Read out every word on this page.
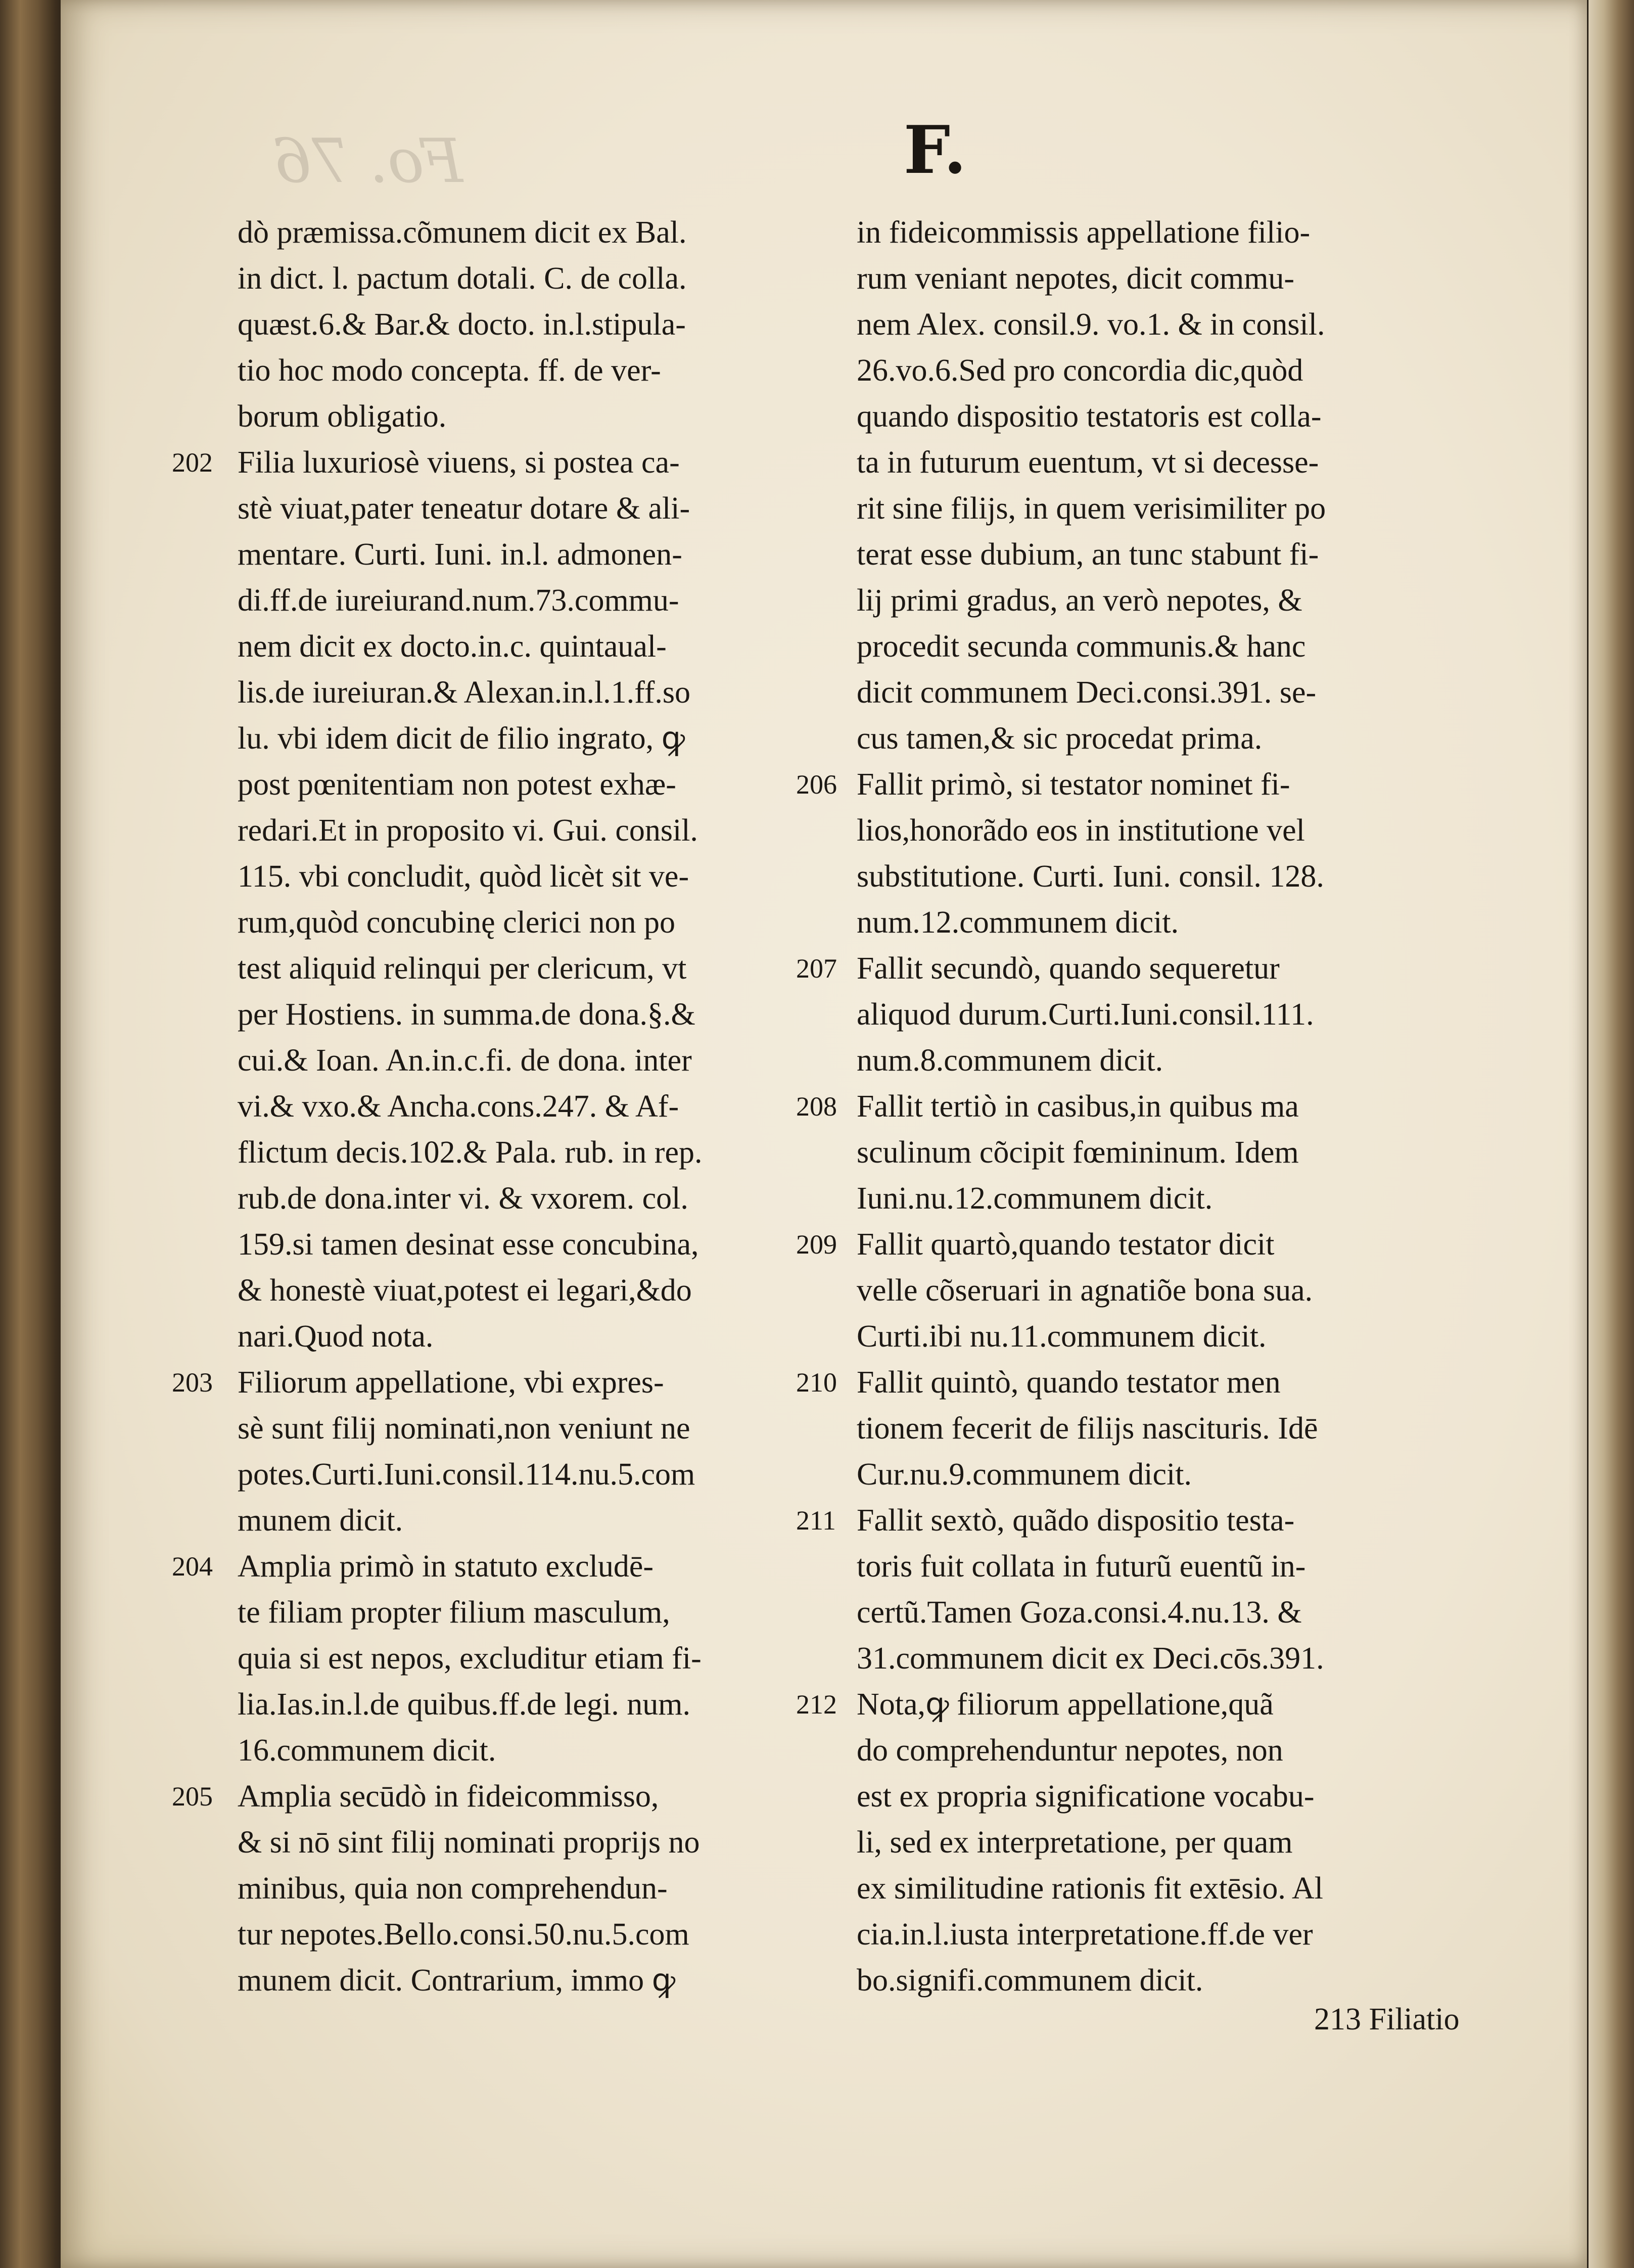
Fo. 76	F.
dò præmissa.cõmunem dicit ex Bal.
in dict. l. pactum dotali. C. de colla.
quæst.6.& Bar.& docto. in.l.stipula-
tio hoc modo concepta. ff. de ver-
borum obligatio.
202 Filia luxuriosè viuens, si postea ca-
stè viuat,pater teneatur dotare & ali-
mentare. Curti. Iuni. in.l. admonen-
di.ff.de iureiurand.num.73.commu-
nem dicit ex docto.in.c. quintaual-
lis.de iureiuran.& Alexan.in.l.1.ff.so
lu. vbi idem dicit de filio ingrato, ꝙ
post pœnitentiam non potest exhæ-
redari.Et in proposito vi. Gui. consil.
115. vbi concludit, quòd licèt sit ve-
rum,quòd concubinę clerici non po
test aliquid relinqui per clericum, vt
per Hostiens. in summa.de dona.§.&
cui.& Ioan. An.in.c.fi. de dona. inter
vi.& vxo.& Ancha.cons.247. & Af-
flictum decis.102.& Pala. rub. in rep.
rub.de dona.inter vi. & vxorem. col.
159.si tamen desinat esse concubina,
& honestè viuat,potest ei legari,&do
nari.Quod nota.
203 Filiorum appellatione, vbi expres-
sè sunt filij nominati,non veniunt ne
potes.Curti.Iuni.consil.114.nu.5.com
munem dicit.
204 Amplia primò in statuto excludē-
te filiam propter filium masculum,
quia si est nepos, excluditur etiam fi-
lia.Ias.in.l.de quibus.ff.de legi. num.
16.communem dicit.
205 Amplia secūdò in fideicommisso,
& si nō sint filij nominati proprijs no
minibus, quia non comprehendun-
tur nepotes.Bello.consi.50.nu.5.com
munem dicit. Contrarium, immo ꝙ
in fideicommissis appellatione filio-
rum veniant nepotes, dicit commu-
nem Alex. consil.9. vo.1. & in consil.
26.vo.6.Sed pro concordia dic,quòd
quando dispositio testatoris est colla-
ta in futurum euentum, vt si decesse-
rit sine filijs, in quem verisimiliter po
terat esse dubium, an tunc stabunt fi-
lij primi gradus, an verò nepotes, &
procedit secunda communis.& hanc
dicit communem Deci.consi.391. se-
cus tamen,& sic procedat prima.
206 Fallit primò, si testator nominet fi-
lios,honorãdo eos in institutione vel
substitutione. Curti. Iuni. consil. 128.
num.12.communem dicit.
207 Fallit secundò, quando sequeretur
aliquod durum.Curti.Iuni.consil.111.
num.8.communem dicit.
208 Fallit tertiò in casibus,in quibus ma
sculinum cõcipit fœmininum. Idem
Iuni.nu.12.communem dicit.
209 Fallit quartò,quando testator dicit
velle cõseruari in agnatiõe bona sua.
Curti.ibi nu.11.communem dicit.
210 Fallit quintò, quando testator men
tionem fecerit de filijs nascituris. Idē
Cur.nu.9.communem dicit.
211 Fallit sextò, quãdo dispositio testa-
toris fuit collata in futurũ euentũ in-
certũ.Tamen Goza.consi.4.nu.13. &
31.communem dicit ex Deci.cōs.391.
212 Nota,ꝙ filiorum appellatione,quã
do comprehenduntur nepotes, non
est ex propria significatione vocabu-
li, sed ex interpretatione, per quam
ex similitudine rationis fit extēsio. Al
cia.in.l.iusta interpretatione.ff.de ver
bo.signifi.communem dicit.
213 Filiatio
